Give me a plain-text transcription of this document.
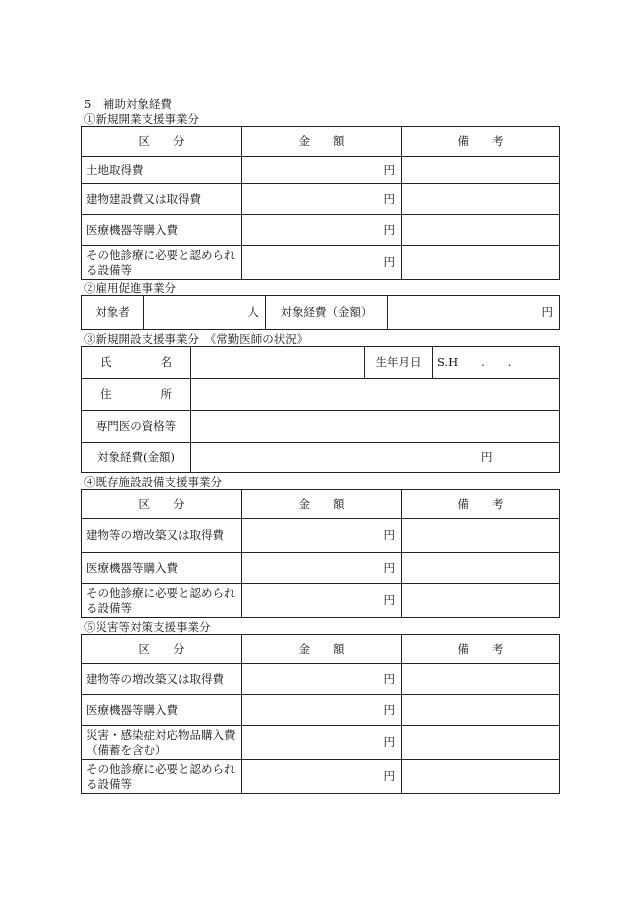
5　補助対象経費
①新規開業支援事業分
区　　分	金　　額	備　　考
土地取得費	円	
建物建設費又は取得費	円	
医療機器等購入費	円	
その他診療に必要と認められる設備等	円	
②雇用促進事業分
対象者	人	対象経費（金額）	円
③新規開設支援事業分　《常勤医師の状況》
氏 名		生年月日	S.H　　.　　.

住 所			

専門医の資格等			
対象経費(金額)	円		
④既存施設設備支援事業分
区　　分	金　　額	備　　考
建物等の増改築又は取得費	円	
医療機器等購入費	円	
その他診療に必要と認められる設備等	円	
⑤災害等対策支援事業分
区　　分	金　　額	備　　考
建物等の増改築又は取得費	円	
医療機器等購入費	円	
災害・感染症対応物品購入費（備蓄を含む）	円	
その他診療に必要と認められる設備等	円	
